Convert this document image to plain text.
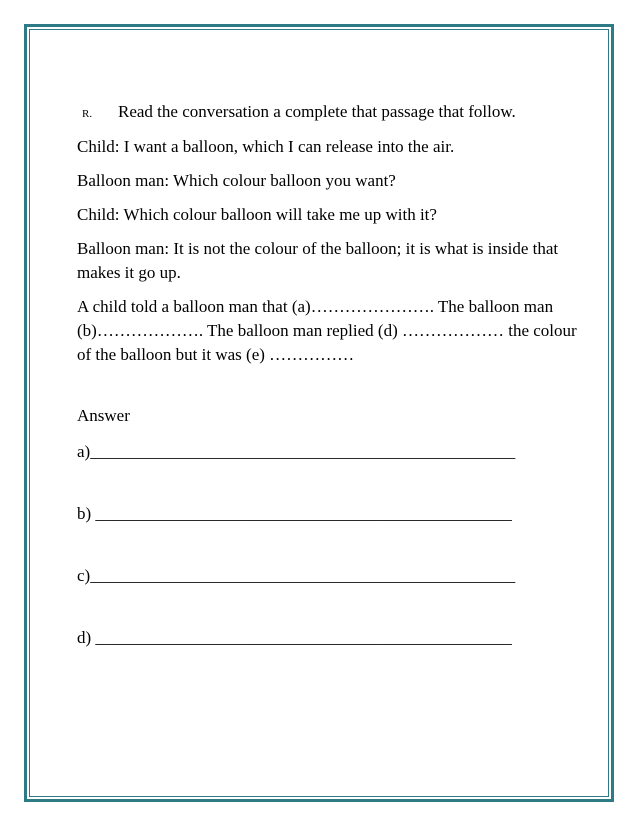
R. Read the conversation a complete that passage that follow.

Child: I want a balloon, which I can release into the air.

Balloon man: Which colour balloon you want?

Child: Which colour balloon will take me up with it?

Balloon man: It is not the colour of the balloon; it is what is inside that makes it go up.

A child told a balloon man that (a)…………………. The balloon man (b)………………. The balloon man replied (d) ……………… the colour of the balloon but it was (e) ……………

Answer

a)__________________________________________________
b) _________________________________________________
c)__________________________________________________
d) _________________________________________________
